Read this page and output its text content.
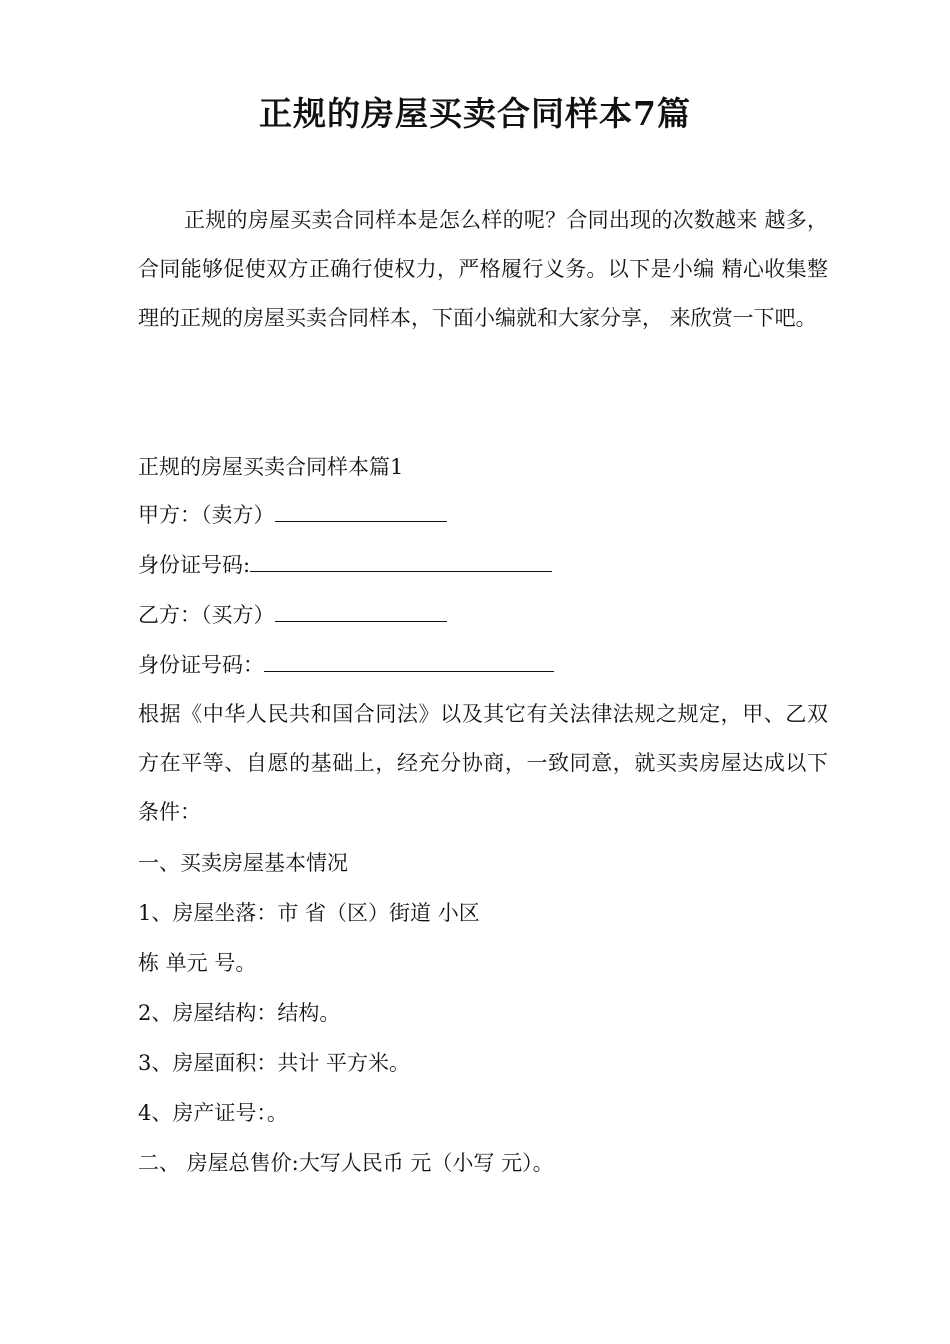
正规的房屋买卖合同样本7篇
正规的房屋买卖合同样本是怎么样的呢？合同出现的次数越来 越多，合同能够促使双方正确行使权力，严格履行义务。以下是小编 精心收集整理的正规的房屋买卖合同样本，下面小编就和大家分享， 来欣赏一下吧。
正规的房屋买卖合同样本篇1
甲方：（卖方）
身份证号码:
乙方：（买方）
身份证号码：
根据《中华人民共和国合同法》以及其它有关法律法规之规定，甲、乙双方在平等、自愿的基础上，经充分协商，一致同意，就买卖房屋达成以下条件：
一、买卖房屋基本情况
1、房屋坐落：市 省（区）街道 小区
栋 单元 号。
2、房屋结构：结构。
3、房屋面积：共计 平方米。
4、房产证号：。
二、 房屋总售价:大写人民币 元（小写 元）。
